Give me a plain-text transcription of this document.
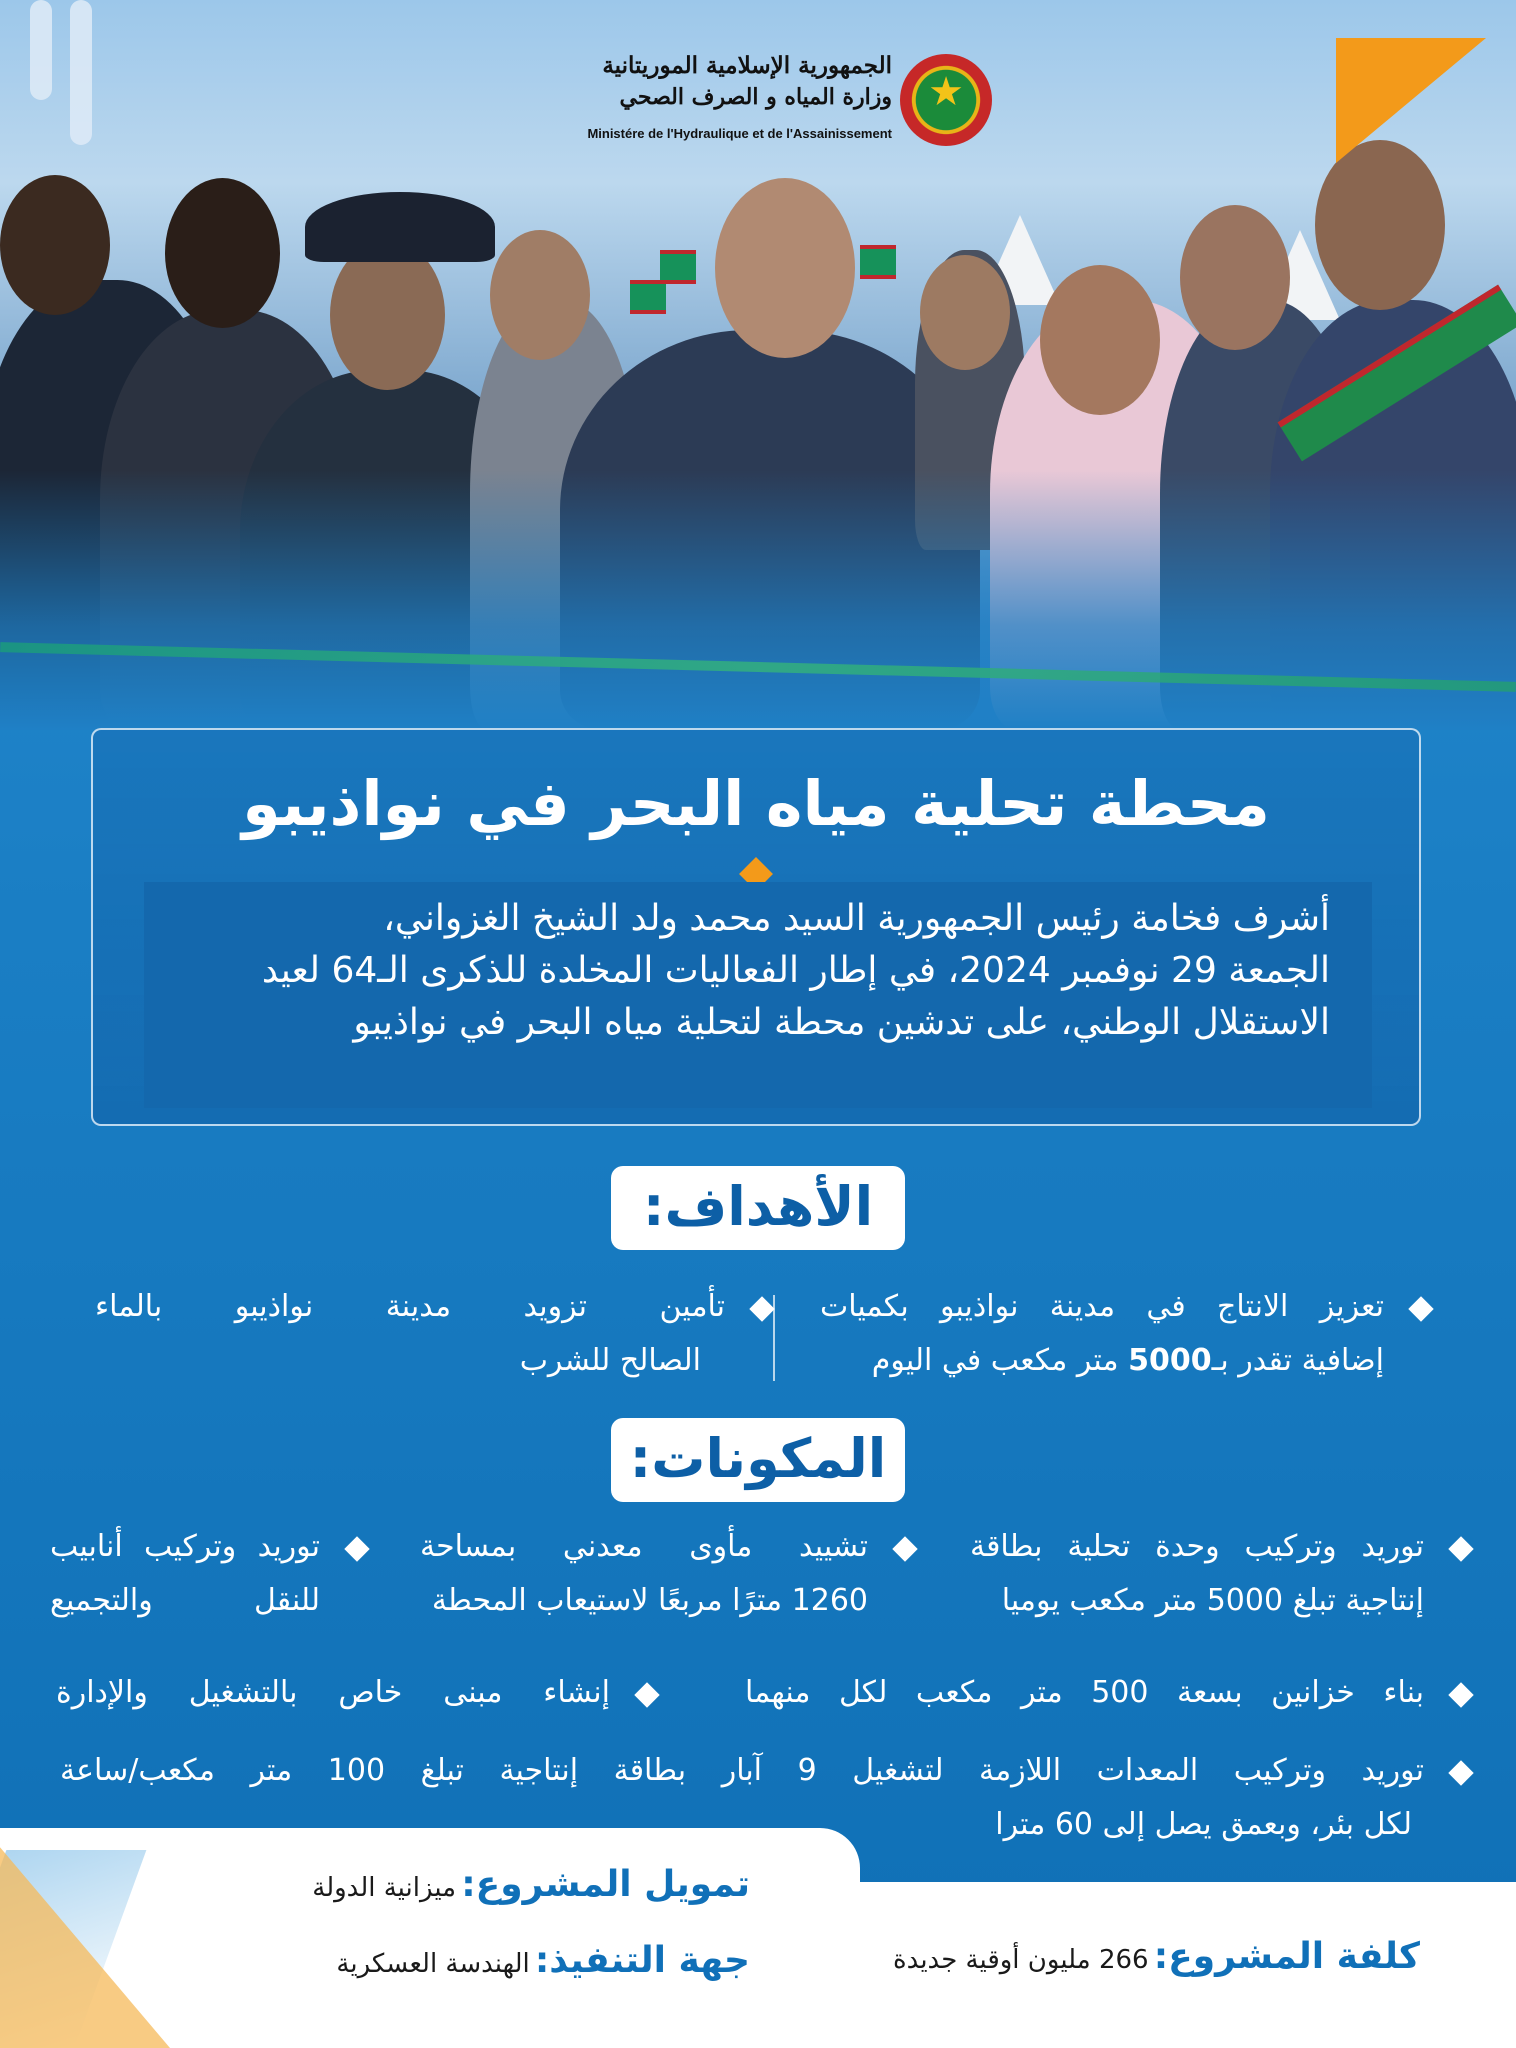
الجمهورية الإسلامية الموريتانية
وزارة المياه و الصرف الصحي
Ministére de l'Hydraulique et de l'Assainissement
★
محطة تحلية مياه البحر في نواذيبو
أشرف فخامة رئيس الجمهورية السيد محمد ولد الشيخ الغزواني،
الجمعة 29 نوفمبر 2024، في إطار الفعاليات المخلدة للذكرى الـ64 لعيد
الاستقلال الوطني، على تدشين محطة لتحلية مياه البحر في نواذيبو
الأهداف:
تعزيز الانتاج في مدينة نواذيبو بكميات
إضافية تقدر بـ5000 متر مكعب في اليوم
تأمين تزويد مدينة نواذيبو بالماء
الصالح للشرب
المكونات:
توريد وتركيب وحدة تحلية بطاقة
إنتاجية تبلغ 5000 متر مكعب يوميا
تشييد مأوى معدني بمساحة
1260 مترًا مربعًا لاستيعاب المحطة
توريد وتركيب أنابيب
للنقل والتجميع
بناء خزانين بسعة 500 متر مكعب لكل منهما
إنشاء مبنى خاص بالتشغيل والإدارة
توريد وتركيب المعدات اللازمة لتشغيل 9 آبار بطاقة إنتاجية تبلغ 100 متر مكعب/ساعة
لكل بئر، وبعمق يصل إلى 60 مترا
تمويل المشروع: ميزانية الدولة
جهة التنفيذ: الهندسة العسكرية	كلفة المشروع: 266 مليون أوقية جديدة
